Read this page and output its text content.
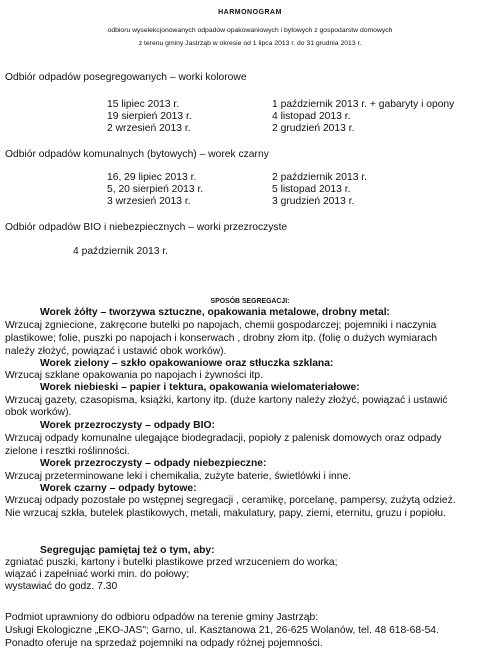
HARMONOGRAM
odbioru wyselekcjonowanych odpadów opakowaniowych i bytowych z gospodarstw domowych
z terenu gminy Jastrząb w okresie od 1 lipca 2013 r. do 31 grudnia 2013 r.
Odbiór odpadów posegregowanych – worki kolorowe
15 lipiec 2013 r.
19 sierpień 2013 r.
2 wrzesień 2013 r.
1 październik 2013 r. + gabaryty i opony
4 listopad 2013 r.
2 grudzień 2013 r.
Odbiór odpadów komunalnych (bytowych) – worek czarny
16, 29 lipiec 2013 r.
5, 20 sierpień 2013 r.
3 wrzesień 2013 r.
2 październik 2013 r.
5 listopad 2013 r.
3 grudzień 2013 r.
Odbiór odpadów BIO i niebezpiecznych – worki przezroczyste
4 październik 2013 r.
SPOSÓB SEGREGACJI:
Worek żółty – tworzywa sztuczne, opakowania metalowe, drobny metal:
Wrzucaj zgniecione, zakręcone butelki po napojach, chemii gospodarczej; pojemniki i naczynia
plastikowe; folie, puszki po napojach i konserwach , drobny złom itp. (folię o dużych wymiarach
należy złożyć, powiązać i ustawić obok worków).
Worek zielony – szkło opakowaniowe oraz stłuczka szklana:
Wrzucaj szklane opakowania po napojach i żywności itp.
Worek niebieski – papier i tektura, opakowania wielomateriałowe:
Wrzucaj gazety, czasopisma, książki, kartony itp. (duże kartony należy złożyć, powiązać i ustawić
obok worków).
Worek przezroczysty – odpady BIO:
Wrzucaj odpady komunalne ulegające biodegradacji, popioły z palenisk domowych oraz odpady
zielone i resztki roślinności.
Worek przezroczysty – odpady niebezpieczne:
Wrzucaj przeterminowane leki i chemikalia, zużyte baterie, świetlówki i inne.
Worek czarny – odpady bytowe:
Wrzucaj odpady pozostałe po wstępnej segregacji , ceramikę, porcelanę, pampersy, zużytą odzież.
Nie wrzucaj szkła, butelek plastikowych, metali, makulatury, papy, ziemi, eternitu, gruzu i popiołu.
Segregując pamiętaj też o tym, aby:
zgniatać puszki, kartony i butelki plastikowe przed wrzuceniem do worka;
wiązać i zapełniać worki min. do połowy;
wystawiać do godz. 7.30
Podmiot uprawniony do odbioru odpadów na terenie gminy Jastrząb:
Usługi Ekologiczne „EKO-JAS"; Garno, ul. Kasztanowa 21, 26-625 Wolanów, tel. 48 618-68-54.
Ponadto oferuje na sprzedaż pojemniki na odpady różnej pojemności.
